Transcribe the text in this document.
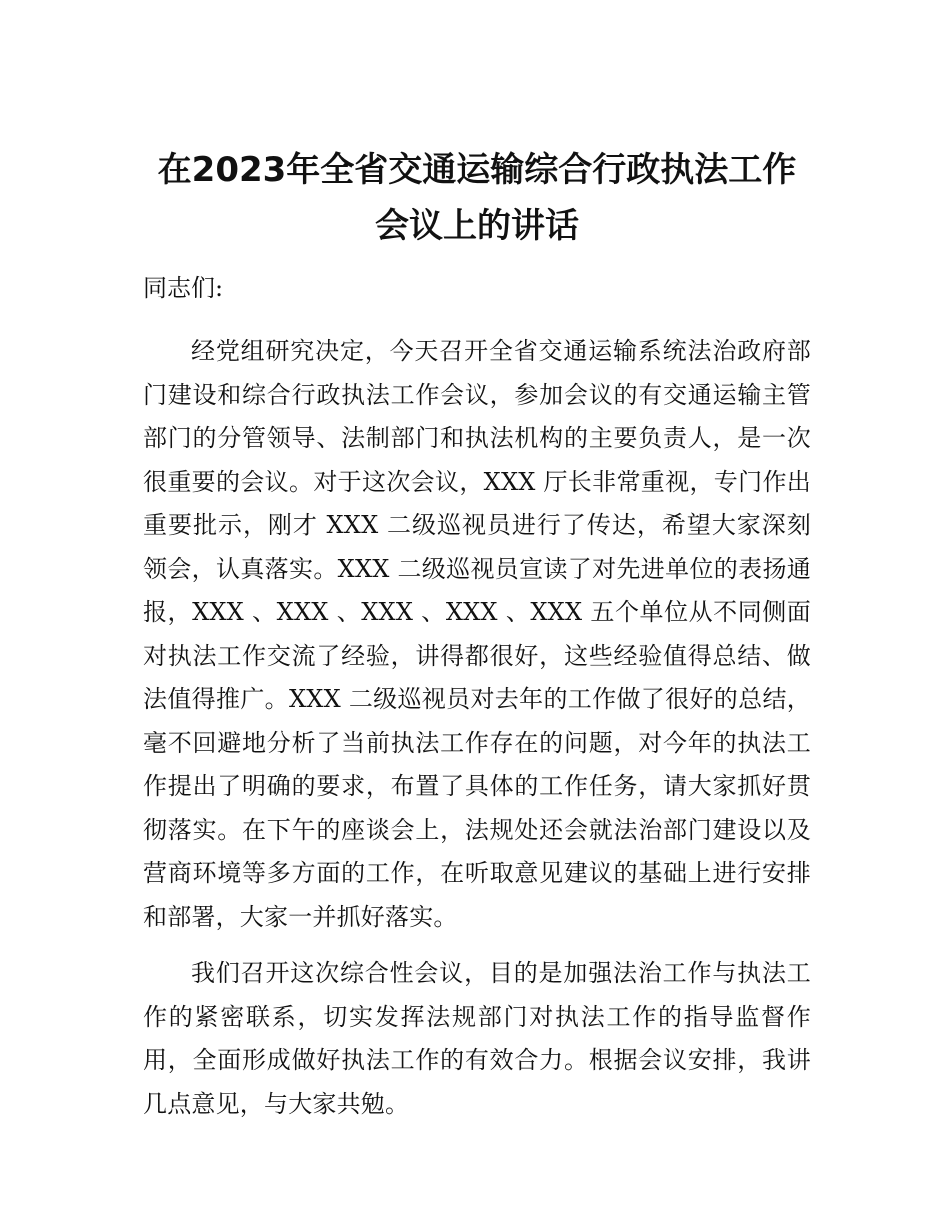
在2023年全省交通运输综合行政执法工作会议上的讲话

同志们:

经党组研究决定，今天召开全省交通运输系统法治政府部门建设和综合行政执法工作会议，参加会议的有交通运输主管部门的分管领导、法制部门和执法机构的主要负责人，是一次很重要的会议。对于这次会议，XXX 厅长非常重视，专门作出重要批示，刚才 XXX 二级巡视员进行了传达，希望大家深刻领会，认真落实。XXX 二级巡视员宣读了对先进单位的表扬通报，XXX 、XXX 、XXX 、XXX 、XXX 五个单位从不同侧面对执法工作交流了经验，讲得都很好，这些经验值得总结、做法值得推广。XXX 二级巡视员对去年的工作做了很好的总结，毫不回避地分析了当前执法工作存在的问题，对今年的执法工作提出了明确的要求，布置了具体的工作任务，请大家抓好贯彻落实。在下午的座谈会上，法规处还会就法治部门建设以及营商环境等多方面的工作，在听取意见建议的基础上进行安排和部署，大家一并抓好落实。

我们召开这次综合性会议，目的是加强法治工作与执法工作的紧密联系，切实发挥法规部门对执法工作的指导监督作用，全面形成做好执法工作的有效合力。根据会议安排，我讲几点意见，与大家共勉。
